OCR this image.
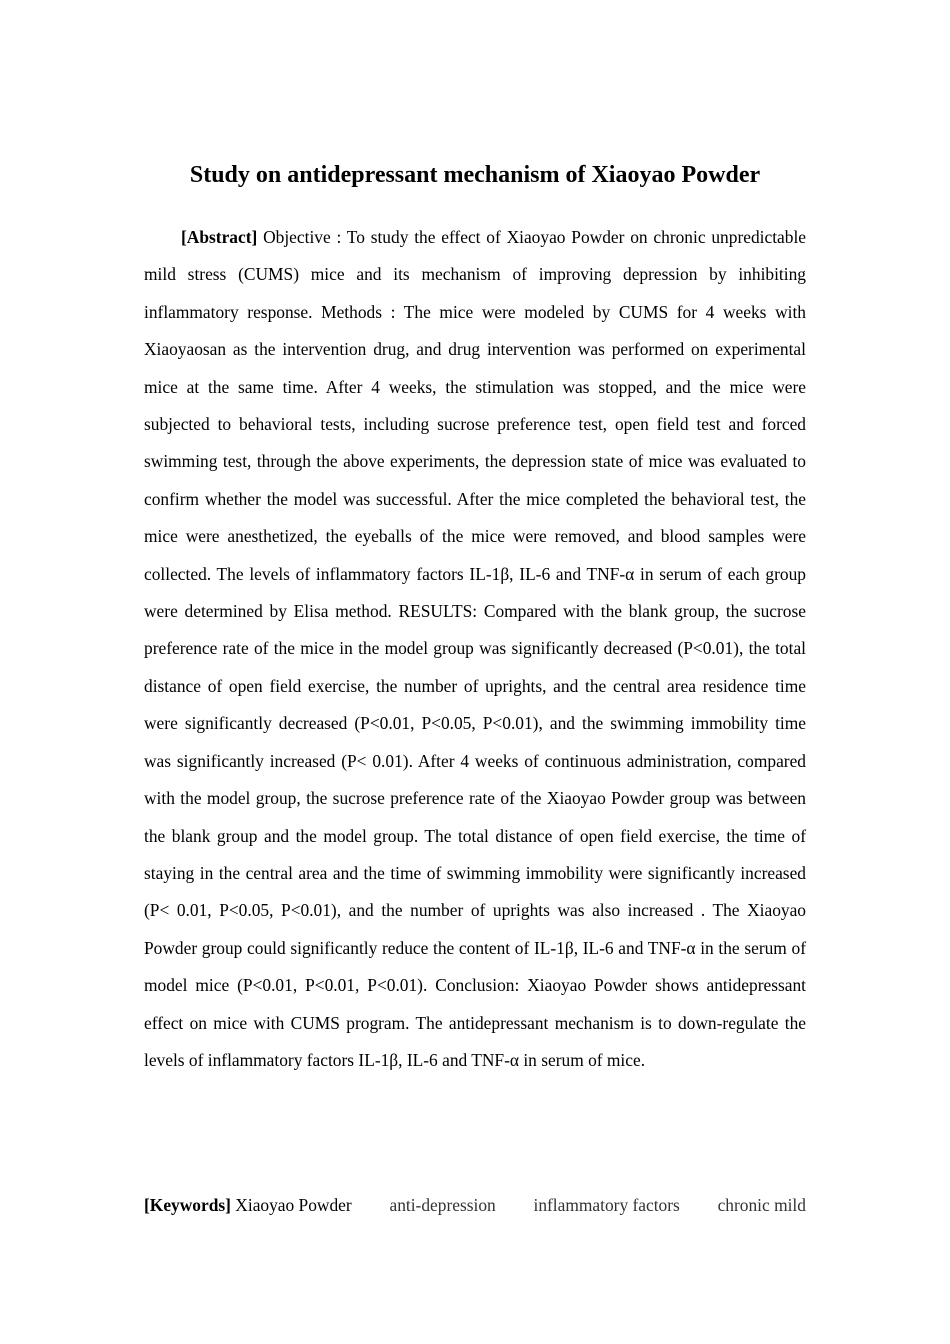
Study on antidepressant mechanism of Xiaoyao Powder

[Abstract] Objective : To study the effect of Xiaoyao Powder on chronic unpredictable mild stress (CUMS) mice and its mechanism of improving depression by inhibiting inflammatory response. Methods : The mice were modeled by CUMS for 4 weeks with Xiaoyaosan as the intervention drug, and drug intervention was performed on experimental mice at the same time. After 4 weeks, the stimulation was stopped, and the mice were subjected to behavioral tests, including sucrose preference test, open field test and forced swimming test, through the above experiments, the depression state of mice was evaluated to confirm whether the model was successful. After the mice completed the behavioral test, the mice were anesthetized, the eyeballs of the mice were removed, and blood samples were collected. The levels of inflammatory factors IL-1β, IL-6 and TNF-α in serum of each group were determined by Elisa method. RESULTS: Compared with the blank group, the sucrose preference rate of the mice in the model group was significantly decreased (P<0.01), the total distance of open field exercise, the number of uprights, and the central area residence time were significantly decreased (P<0.01, P<0.05, P<0.01), and the swimming immobility time was significantly increased (P< 0.01). After 4 weeks of continuous administration, compared with the model group, the sucrose preference rate of the Xiaoyao Powder group was between the blank group and the model group. The total distance of open field exercise, the time of staying in the central area and the time of swimming immobility were significantly increased (P< 0.01, P<0.05, P<0.01), and the number of uprights was also increased . The Xiaoyao Powder group could significantly reduce the content of IL-1β, IL-6 and TNF-α in the serum of model mice (P<0.01, P<0.01, P<0.01). Conclusion: Xiaoyao Powder shows antidepressant effect on mice with CUMS program. The antidepressant mechanism is to down-regulate the levels of inflammatory factors IL-1β, IL-6 and TNF-α in serum of mice.

[Keywords] Xiaoyao Powder anti-depression inflammatory factors chronic mild
